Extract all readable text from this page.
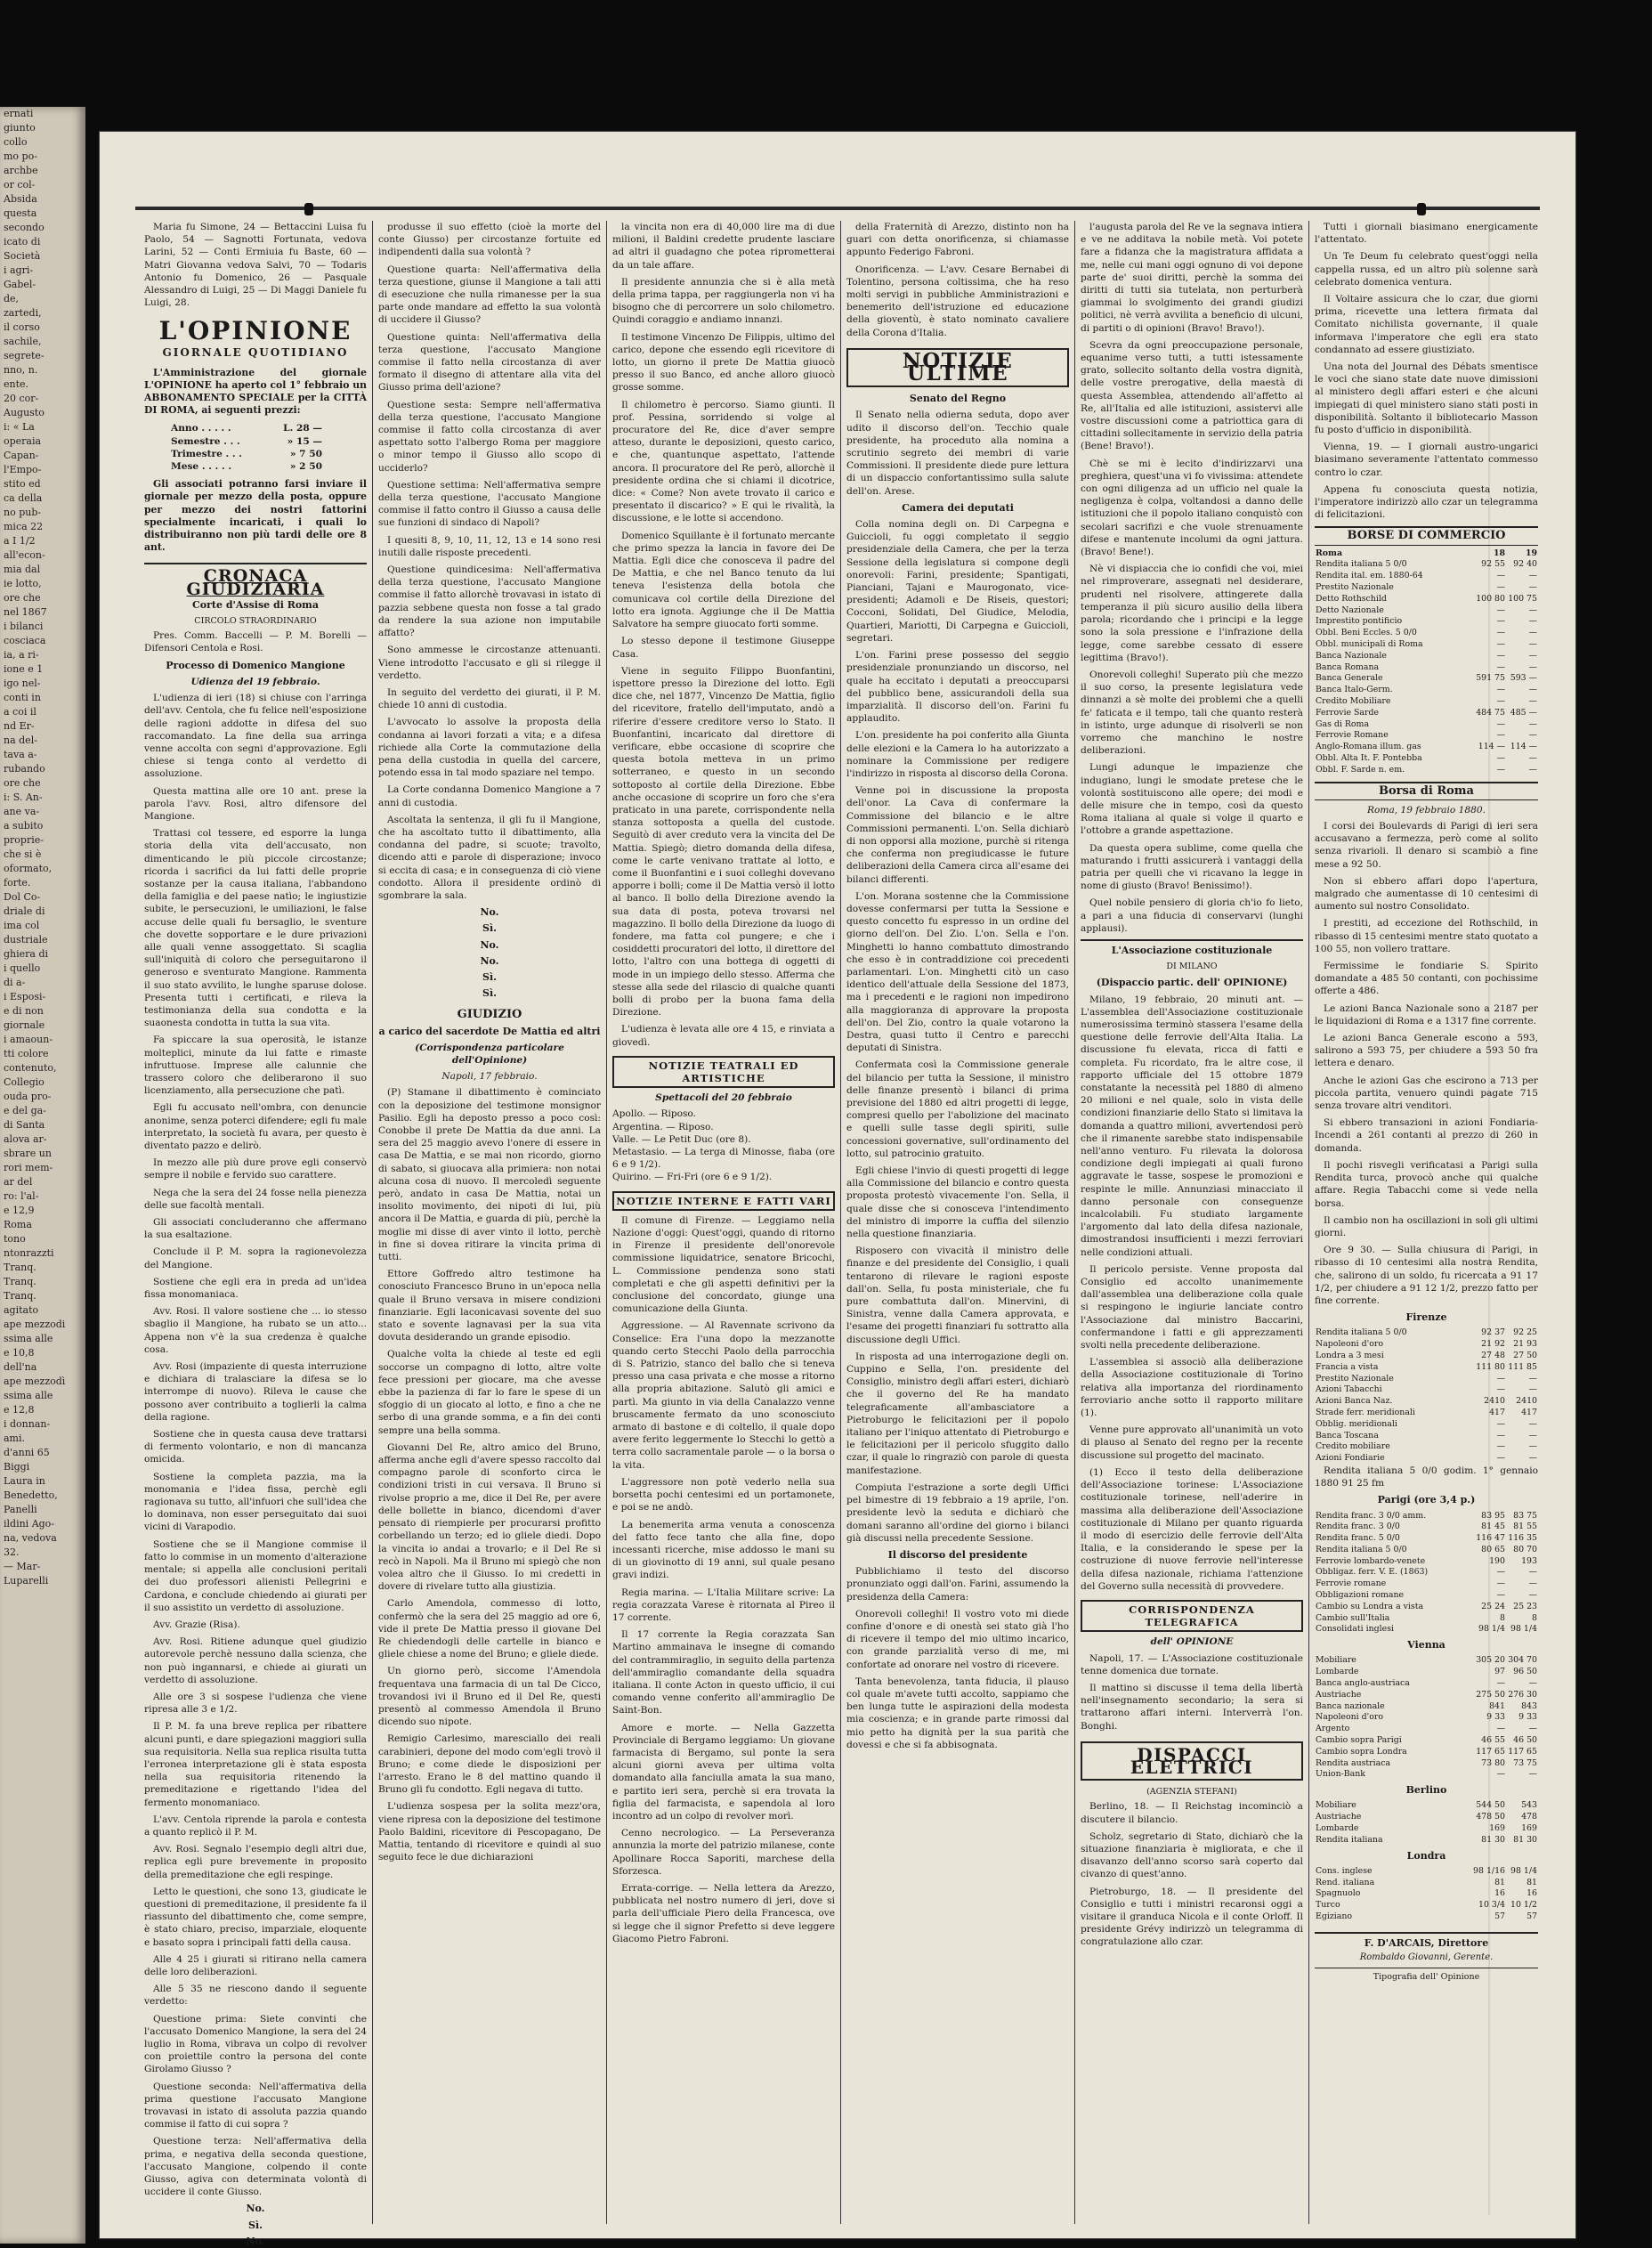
ernati
giunto
collo
mo po-
archbe
or col-
Absida
questa
secondo
icato di
Società
i agri-
Gabel-
de,
zartedi,
il corso
sachile,
segrete-
nno, n.
ente.
20 cor-
Augusto
i: « La
operaia
Capan-
l'Empo-
stito ed
ca della
no pub-
mica 22
a I 1/2
all'econ-
mia dal
ie lotto,
ore che
nel 1867
i bilanci
cosciaca
ia, a ri-
ione e 1
igo nel-
conti in
a coi il
nd Er-
na del-
tava a-
rubando
ore che
i: S. An-
ane va-
a subito
proprie-
che si è
oformato,
forte.
Dol Co-
driale di
ima col
dustriale
ghiera di
i quello
di a-
i Esposi-
e di non
giornale
i amaoun-
tti colore
contenuto,
Collegio
ouda pro-
e del ga-
di Santa
alova ar-
sbrare un
rori mem-
ar del
ro: l'al-
e 12,9
Roma
tono
ntonrazzti
Tranq.
Tranq.
Tranq.
agitato
ape mezzodi
ssima alle
e 10,8
dell'na
ape mezzodì
ssima alle
e 12,8
i donnan-
ami.
d'anni 65
Biggi
Laura in
Benedetto,
Panelli
ildini Ago-
na, vedova
32.
— Mar-
Luparelli

Maria fu Simone, 24 — Bettaccini Luisa fu Paolo, 54 — Sagnotti Fortunata, vedova Larini, 52 — Conti Ermiuia fu Baste, 60 — Matri Giovanna vedova Salvi, 70 — Todaris Antonio fu Domenico, 26 — Pasquale Alessandro di Luigi, 25 — Di Maggi Daniele fu Luigi, 28.

L'OPINIONE
GIORNALE QUOTIDIANO

L'Amministrazione del giornale L'OPINIONE ha aperto col 1° febbraio un ABBONAMENTO SPECIALE per la CITTÀ DI ROMA, ai seguenti prezzi:

Anno . . . . .	L. 28 —
Semestre . . .	» 15 —
Trimestre . . .	» 7 50
Mese . . . . .	» 2 50

Gli associati potranno farsi inviare il giornale per mezzo della posta, oppure per mezzo dei nostri fattorini specialmente incaricati, i quali lo distribuiranno non più tardi delle ore 8 ant.

CRONACA GIUDIZIARIA
Corte d'Assise di Roma
CIRCOLO STRAORDINARIO

Pres. Comm. Baccelli — P. M. Borelli — Difensori Centola e Rosi.

Processo di Domenico Mangione
Udienza del 19 febbraio.

L'udienza di ieri (18) si chiuse con l'arringa dell'avv. Centola, che fu felice nell'esposizione delle ragioni addotte in difesa del suo raccomandato. La fine della sua arringa venne accolta con segni d'approvazione. Egli chiese si tenga conto al verdetto di assoluzione.

Questa mattina alle ore 10 ant. prese la parola l'avv. Rosi, altro difensore del Mangione.

Trattasi col tessere, ed esporre la lunga storia della vita dell'accusato, non dimenticando le più piccole circostanze; ricorda i sacrifici da lui fatti delle proprie sostanze per la causa italiana, l'abbandono della famiglia e del paese natìo; le ingiustizie subite, le persecuzioni, le umiliazioni, le false accuse delle quali fu bersaglio, le sventure che dovette sopportare e le dure privazioni alle quali venne assoggettato. Si scaglia sull'iniquità di coloro che perseguitarono il generoso e sventurato Mangione. Rammenta il suo stato avvilito, le lunghe sparuse dolose. Presenta tutti i certificati, e rileva la testimonianza della sua condotta e la suaonesta condotta in tutta la sua vita.

Fa spiccare la sua operosità, le istanze molteplici, minute da lui fatte e rimaste infruttuose. Imprese alle calunnie che trassero coloro che deliberarono il suo licenziamento, alla persecuzione che patì.

Egli fu accusato nell'ombra, con denuncie anonime, senza poterci difendere; egli fu male interpretato, la società fu avara, per questo è diventato pazzo e delirò.

In mezzo alle più dure prove egli conservò sempre il nobile e fervido suo carattere.

Nega che la sera del 24 fosse nella pienezza delle sue facoltà mentali.

Gli associati concluderanno che affermano la sua esaltazione.

Conclude il P. M. sopra la ragionevolezza del Mangione.

Sostiene che egli era in preda ad un'idea fissa monomaniaca.

Avv. Rosi. Il valore sostiene che ... io stesso sbaglio il Mangione, ha rubato se un atto... Appena non v'è la sua credenza è qualche cosa.

Avv. Rosi (impaziente di questa interruzione e dichiara di tralasciare la difesa se lo interrompe di nuovo). Rileva le cause che possono aver contribuito a toglierli la calma della ragione.

Sostiene che in questa causa deve trattarsi di fermento volontario, e non di mancanza omicida.

Sostiene la completa pazzia, ma la monomania e l'idea fissa, perchè egli ragionava su tutto, all'infuori che sull'idea che lo dominava, non esser perseguitato dai suoi vicini di Varapodio.

Sostiene che se il Mangione commise il fatto lo commise in un momento d'alterazione mentale; si appella alle conclusioni peritali dei duo professori alienisti Pellegrini e Cardona, e conclude chiedendo ai giurati per il suo assistito un verdetto di assoluzione.

Avv. Grazie (Risa).

Avv. Rosi. Ritiene adunque quel giudizio autorevole perchè nessuno dalla scienza, che non può ingannarsi, e chiede ai giurati un verdetto di assoluzione.

Alle ore 3 si sospese l'udienza che viene ripresa alle 3 e 1/2.

Il P. M. fa una breve replica per ribattere alcuni punti, e dare spiegazioni maggiori sulla sua requisitoria. Nella sua replica risulta tutta l'erronea interpretazione gli è stata esposta nella sua requisitoria ritenendo la premeditazione e rigettando l'idea del fermento monomaniaco.

L'avv. Centola riprende la parola e contesta a quanto replicò il P. M.

Avv. Rosi. Segnalo l'esempio degli altri due, replica egli pure brevemente in proposito della premeditazione che egli respinge.

Letto le questioni, che sono 13, giudicate le questioni di premeditazione, il presidente fa il riassunto del dibattimento che, come sempre, è stato chiaro, preciso, imparziale, eloquente e basato sopra i principali fatti della causa.

Alle 4 25 i giurati si ritirano nella camera delle loro deliberazioni.

Alle 5 35 ne riescono dando il seguente verdetto:

Questione prima: Siete convinti che l'accusato Domenico Mangione, la sera del 24 luglio in Roma, vibrava un colpo di revolver con proiettile contro la persona del conte Girolamo Giusso ?

Questione seconda: Nell'affermativa della prima questione l'accusato Mangione trovavasi in istato di assoluta pazzia quando commise il fatto di cui sopra ?

Questione terza: Nell'affermativa della prima, e negativa della seconda questione, l'accusato Mangione, colpendo il conte Giusso, agiva con determinata volontà di uccidere il conte Giusso.

No.
Sì.
No.

produsse il suo effetto (cioè la morte del conte Giusso) per circostanze fortuite ed indipendenti dalla sua volontà ?

Questione quarta: Nell'affermativa della terza questione, giunse il Mangione a tali atti di esecuzione che nulla rimanesse per la sua parte onde mandare ad effetto la sua volontà di uccidere il Giusso?

Questione quinta: Nell'affermativa della terza questione, l'accusato Mangione commise il fatto nella circostanza di aver formato il disegno di attentare alla vita del Giusso prima dell'azione?

Questione sesta: Sempre nell'affermativa della terza questione, l'accusato Mangione commise il fatto colla circostanza di aver aspettato sotto l'albergo Roma per maggiore o minor tempo il Giusso allo scopo di ucciderlo?

Questione settima: Nell'affermativa sempre della terza questione, l'accusato Mangione commise il fatto contro il Giusso a causa delle sue funzioni di sindaco di Napoli?

I quesiti 8, 9, 10, 11, 12, 13 e 14 sono resi inutili dalle risposte precedenti.

Questione quindicesima: Nell'affermativa della terza questione, l'accusato Mangione commise il fatto allorchè trovavasi in istato di pazzia sebbene questa non fosse a tal grado da rendere la sua azione non imputabile affatto?

Sono ammesse le circostanze attenuanti. Viene introdotto l'accusato e gli si rilegge il verdetto.

In seguito del verdetto dei giurati, il P. M. chiede 10 anni di custodia.

L'avvocato lo assolve la proposta della condanna ai lavori forzati a vita; e a difesa richiede alla Corte la commutazione della pena della custodia in quella del carcere, potendo essa in tal modo spaziare nel tempo.

La Corte condanna Domenico Mangione a 7 anni di custodia.

Ascoltata la sentenza, il gli fu il Mangione, che ha ascoltato tutto il dibattimento, alla condanna del padre, si scuote; travolto, dicendo atti e parole di disperazione; invoco si eccita di casa; e in conseguenza di ciò viene condotto. Allora il presidente ordinò di sgombrare la sala.

No.
Sì.
No.
No.
Sì.
Sì.
GIUDIZIO
a carico del sacerdote De Mattia ed altri
(Corrispondenza particolare dell'Opinione)
Napoli, 17 febbraio.

(P) Stamane il dibattimento è cominciato con la deposizione del testimone monsignor Pasilio. Egli ha deposto presso a poco così: Conobbe il prete De Mattia da due anni. La sera del 25 maggio avevo l'onere di essere in casa De Mattia, e se mai non ricordo, giorno di sabato, si giuocava alla primiera: non notai alcuna cosa di nuovo. Il mercoledì seguente però, andato in casa De Mattia, notai un insolito movimento, dei nipoti di lui, più ancora il De Mattia, e guarda di più, perchè la moglie mi disse di aver vinto il lotto, perchè in fine si dovea ritirare la vincita prima di tutti.

Ettore Goffredo altro testimone ha conosciuto Francesco Bruno in un'epoca nella quale il Bruno versava in misere condizioni finanziarie. Egli laconicavasi sovente del suo stato e sovente lagnavasi per la sua vita dovuta desiderando un grande episodio.

Qualche volta la chiede al teste ed egli soccorse un compagno di lotto, altre volte fece pressioni per giocare, ma che avesse ebbe la pazienza di far lo fare le spese di un sfoggio di un giocato al lotto, e fino a che ne serbo di una grande somma, e a fin dei conti sempre una bella somma.

Giovanni Del Re, altro amico del Bruno, afferma anche egli d'avere spesso raccolto dal compagno parole di sconforto circa le condizioni tristi in cui versava. Il Bruno si rivolse proprio a me, dice il Del Re, per avere delle bollette in bianco, dicendomi d'aver pensato di riempierle per procurarsi profitto corbellando un terzo; ed io gliele diedi. Dopo la vincita io andai a trovarlo; e il Del Re si recò in Napoli. Ma il Bruno mi spiegò che non volea altro che il Giusso. Io mi credetti in dovere di rivelare tutto alla giustizia.

Carlo Amendola, commesso di lotto, confermò che la sera del 25 maggio ad ore 6, vide il prete De Mattia presso il giovane Del Re chiedendogli delle cartelle in bianco e gliele chiese a nome del Bruno; e gliele diede.

Un giorno però, siccome l'Amendola frequentava una farmacia di un tal De Cicco, trovandosi ivi il Bruno ed il Del Re, questi presentò al commesso Amendola il Bruno dicendo suo nipote.

Remigio Carlesimo, maresciallo dei reali carabinieri, depone del modo com'egli trovò il Bruno; e come diede le disposizioni per l'arresto. Erano le 8 del mattino quando il Bruno gli fu condotto. Egli negava di tutto.

L'udienza sospesa per la solita mezz'ora, viene ripresa con la deposizione del testimone Paolo Baldini, ricevitore di Pescopagano, De Mattia, tentando di ricevitore e quindi al suo seguito fece le due dichiarazioni

la vincita non era di 40,000 lire ma di due milioni, il Baldini credette prudente lasciare ad altri il guadagno che potea riprometterai da un tale affare.

Il presidente annunzia che si è alla metà della prima tappa, per raggiungerla non vi ha bisogno che di percorrere un solo chilometro. Quindi coraggio e andiamo innanzi.

Il testimone Vincenzo De Filippis, ultimo del carico, depone che essendo egli ricevitore di lotto, un giorno il prete De Mattia giuocò presso il suo Banco, ed anche alloro giuocò grosse somme.

Il chilometro è percorso. Siamo giunti. Il prof. Pessina, sorridendo si volge al procuratore del Re, dice d'aver sempre atteso, durante le deposizioni, questo carico, e che, quantunque aspettato, l'attende ancora. Il procuratore del Re però, allorchè il presidente ordina che si chiami il dicotrice, dice: « Come? Non avete trovato il carico e presentato il discarico? » E qui le rivalità, la discussione, e le lotte si accendono.

Domenico Squillante è il fortunato mercante che primo spezza la lancia in favore dei De Mattia. Egli dice che conosceva il padre del De Mattia, e che nel Banco tenuto da lui teneva l'esistenza della botola che comunicava col cortile della Direzione del lotto era ignota. Aggiunge che il De Mattia Salvatore ha sempre giuocato forti somme.

Lo stesso depone il testimone Giuseppe Casa.

Viene in seguito Filippo Buonfantini, ispettore presso la Direzione del lotto. Egli dice che, nel 1877, Vincenzo De Mattia, figlio del ricevitore, fratello dell'imputato, andò a riferire d'essere creditore verso lo Stato. Il Buonfantini, incaricato dal direttore di verificare, ebbe occasione di scoprire che questa botola metteva in un primo sotterraneo, e questo in un secondo sottoposto al cortile della Direzione. Ebbe anche occasione di scoprire un foro che s'era praticato in una parete, corrispondente nella stanza sottoposta a quella del custode. Seguitò di aver creduto vera la vincita del De Mattia. Spiegò; dietro domanda della difesa, come le carte venivano trattate al lotto, e come il Buonfantini e i suoi colleghi dovevano apporre i bolli; come il De Mattia versò il lotto al banco. Il bollo della Direzione avendo la sua data di posta, poteva trovarsi nel magazzino. Il bollo della Direzione da luogo di fondere, ma fatta col pungere; e che i cosiddetti procuratori del lotto, il direttore del lotto, l'altro con una bottega di oggetti di mode in un impiego dello stesso. Afferma che stesse alla sede del rilascio di qualche quanti bolli di probo per la buona fama della Direzione.

L'udienza è levata alle ore 4 15, e rinviata a giovedì.

NOTIZIE TEATRALI ED ARTISTICHE
Spettacoli del 20 febbraio
Apollo. — Riposo.
Argentina. — Riposo.
Valle. — Le Petit Duc (ore 8).
Metastasio. — La terga di Minosse, fiaba (ore 6 e 9 1/2).
Quirino. — Fri-Fri (ore 6 e 9 1/2).
NOTIZIE INTERNE E FATTI VARI

Il comune di Firenze. — Leggiamo nella Nazione d'oggi: Quest'oggi, quando di ritorno in Firenze il presidente dell'onorevole commissione liquidatrice, senatore Bricochi, L. Commissione pendenza sono stati completati e che gli aspetti definitivi per la conclusione del concordato, giunge una comunicazione della Giunta.

Aggressione. — Al Ravennate scrivono da Conselice: Era l'una dopo la mezzanotte quando certo Stecchi Paolo della parrocchia di S. Patrizio, stanco del ballo che si teneva presso una casa privata e che mosse a ritorno alla propria abitazione. Salutò gli amici e partì. Ma giunto in via della Canalazzo venne bruscamente fermato da uno sconosciuto armato di bastone e di coltello, il quale dopo avere ferito leggermente lo Stecchi lo gettò a terra collo sacramentale parole — o la borsa o la vita.

L'aggressore non potè vederlo nella sua borsetta pochi centesimi ed un portamonete, e poi se ne andò.

La benemerita arma venuta a conoscenza del fatto fece tanto che alla fine, dopo incessanti ricerche, mise addosso le mani su di un giovinotto di 19 anni, sul quale pesano gravi indizi.

Regia marina. — L'Italia Militare scrive: La regia corazzata Varese è ritornata al Pireo il 17 corrente.

Il 17 corrente la Regia corazzata San Martino ammainava le insegne di comando del contrammiraglio, in seguito della partenza dell'ammiraglio comandante della squadra italiana. Il conte Acton in questo ufficio, il cui comando venne conferito all'ammiraglio De Saint-Bon.

Amore e morte. — Nella Gazzetta Provinciale di Bergamo leggiamo: Un giovane farmacista di Bergamo, sul ponte la sera alcuni giorni aveva per ultima volta domandato alla fanciulla amata la sua mano, e partito ieri sera, perchè si era trovata la figlia del farmacista, e sapendola al loro incontro ad un colpo di revolver morì.

Cenno necrologico. — La Perseveranza annunzia la morte del patrizio milanese, conte Apollinare Rocca Saporiti, marchese della Sforzesca.

Errata-corrige. — Nella lettera da Arezzo, pubblicata nel nostro numero di jeri, dove si parla dell'ufficiale Piero della Francesca, ove si legge che il signor Prefetto si deve leggere Giacomo Pietro Fabroni.

della Fraternità di Arezzo, distinto non ha guari con detta onorificenza, si chiamasse appunto Federigo Fabroni.

Onorificenza. — L'avv. Cesare Bernabei di Tolentino, persona coltissima, che ha reso molti servigi in pubbliche Amministrazioni e benemerito dell'istruzione ed educazione della gioventù, è stato nominato cavaliere della Corona d'Italia.

NOTIZIE ULTIME
Senato del Regno

Il Senato nella odierna seduta, dopo aver udito il discorso dell'on. Tecchio quale presidente, ha proceduto alla nomina a scrutinio segreto dei membri di varie Commissioni. Il presidente diede pure lettura di un dispaccio confortantissimo sulla salute dell'on. Arese.

Camera dei deputati

Colla nomina degli on. Di Carpegna e Guiccioli, fu oggi completato il seggio presidenziale della Camera, che per la terza Sessione della legislatura si compone degli onorevoli: Farini, presidente; Spantigati, Pianciani, Tajani e Maurogonato, vice-presidenti; Adamoli e De Riseis, questori; Cocconi, Solidati, Del Giudice, Melodia, Quartieri, Mariotti, Di Carpegna e Guiccioli, segretari.

L'on. Farini prese possesso del seggio presidenziale pronunziando un discorso, nel quale ha eccitato i deputati a preoccuparsi del pubblico bene, assicurandoli della sua imparzialità. Il discorso dell'on. Farini fu applaudito.

L'on. presidente ha poi conferito alla Giunta delle elezioni e la Camera lo ha autorizzato a nominare la Commissione per redigere l'indirizzo in risposta al discorso della Corona.

Venne poi in discussione la proposta dell'onor. La Cava di confermare la Commissione del bilancio e le altre Commissioni permanenti. L'on. Sella dichiarò di non opporsi alla mozione, purchè si ritenga che conferma non pregiudicasse le future deliberazioni della Camera circa all'esame dei bilanci differenti.

L'on. Morana sostenne che la Commissione dovesse confermarsi per tutta la Sessione e questo concetto fu espresso in un ordine del giorno dell'on. Del Zio. L'on. Sella e l'on. Minghetti lo hanno combattuto dimostrando che esso è in contraddizione coi precedenti parlamentari. L'on. Minghetti citò un caso identico dell'attuale della Sessione del 1873, ma i precedenti e le ragioni non impedirono alla maggioranza di approvare la proposta dell'on. Del Zio, contro la quale votarono la Destra, quasi tutto il Centro e parecchi deputati di Sinistra.

Confermata così la Commissione generale del bilancio per tutta la Sessione, il ministro delle finanze presentò i bilanci di prima previsione del 1880 ed altri progetti di legge, compresi quello per l'abolizione del macinato e quelli sulle tasse degli spiriti, sulle concessioni governative, sull'ordinamento del lotto, sul patrocinio gratuito.

Egli chiese l'invio di questi progetti di legge alla Commissione del bilancio e contro questa proposta protestò vivacemente l'on. Sella, il quale disse che si conosceva l'intendimento del ministro di imporre la cuffia del silenzio nella questione finanziaria.

Risposero con vivacità il ministro delle finanze e del presidente del Consiglio, i quali tentarono di rilevare le ragioni esposte dall'on. Sella, fu posta ministeriale, che fu pure combattuta dall'on. Minervini, di Sinistra, venne dalla Camera approvata, e l'esame dei progetti finanziari fu sottratto alla discussione degli Uffici.

In risposta ad una interrogazione degli on. Cuppino e Sella, l'on. presidente del Consiglio, ministro degli affari esteri, dichiarò che il governo del Re ha mandato telegraficamente all'ambasciatore a Pietroburgo le felicitazioni per il popolo italiano per l'iniquo attentato di Pietroburgo e le felicitazioni per il pericolo sfuggito dallo czar, il quale lo ringraziò con parole di questa manifestazione.

Compiuta l'estrazione a sorte degli Uffici pel bimestre di 19 febbraio a 19 aprile, l'on. presidente levò la seduta e dichiarò che domani saranno all'ordine del giorno i bilanci già discussi nella precedente Sessione.

Il discorso del presidente

Pubblichiamo il testo del discorso pronunziato oggi dall'on. Farini, assumendo la presidenza della Camera:

Onorevoli colleghi! Il vostro voto mi diede confine d'onore e di onestà sei stato già l'ho di ricevere il tempo del mio ultimo incarico, con grande parzialità verso di me, mi confortate ad onorare nel vostro di ricevere.

Tanta benevolenza, tanta fiducia, il plauso col quale m'avete tutti accolto, sappiamo che ben lunga tutte le aspirazioni della modesta mia coscienza; e in grande parte rimossi dal mio petto ha dignità per la sua parità che dovessi e che si fa abbisognata.

l'augusta parola del Re ve la segnava intiera e ve ne additava la nobile metà. Voi potete fare a fidanza che la magistratura affidata a me, nelle cui mani oggi ognuno di voi depone parte de' suoi diritti, perchè la somma dei diritti di tutti sia tutelata, non perturberà giammai lo svolgimento dei grandi giudizi politici, nè verrà avvilita a beneficio di ulcuni, di partiti o di opinioni (Bravo! Bravo!).

Scevra da ogni preoccupazione personale, equanime verso tutti, a tutti istessamente grato, sollecito soltanto della vostra dignità, delle vostre prerogative, della maestà di questa Assemblea, attendendo all'affetto al Re, all'Italia ed alle istituzioni, assistervi alle vostre discussioni come a patriottica gara di cittadini sollecitamente in servizio della patria (Bene! Bravo!).

Chè se mi è lecito d'indirizzarvi una preghiera, quest'una vi fo vivissima: attendete con ogni diligenza ad un ufficio nel quale la negligenza è colpa, voltandosi a danno delle istituzioni che il popolo italiano conquistò con secolari sacrifizi e che vuole strenuamente difese e mantenute incolumi da ogni jattura. (Bravo! Bene!).

Nè vi dispiaccia che io confidi che voi, miei nel rimproverare, assegnati nel desiderare, prudenti nel risolvere, attingerete dalla temperanza il più sicuro ausilio della libera parola; ricordando che i principi e la legge sono la sola pressione e l'infrazione della legge, come sarebbe cessato di essere legittima (Bravo!).

Onorevoli colleghi! Superato più che mezzo il suo corso, la presente legislatura vede dinnanzi a sè molte dei problemi che a quelli fe' faticata e il tempo, tali che quanto resterà in istinto, urge adunque di risolverli se non vorremo che manchino le nostre deliberazioni.

Lungi adunque le impazienze che indugiano, lungi le smodate pretese che le volontà sostituiscono alle opere; dei modi e delle misure che in tempo, così da questo Roma italiana al quale si volge il quarto e l'ottobre a grande aspettazione.

Da questa opera sublime, come quella che maturando i frutti assicurerà i vantaggi della patria per quelli che vi ricavano la legge in nome di giusto (Bravo! Benissimo!).

Quel nobile pensiero di gloria ch'io fo lieto, a pari a una fiducia di conservarvi (lunghi applausi).

L'Associazione costituzionale
DI MILANO
(Dispaccio partic. dell' OPINIONE)

Milano, 19 febbraio, 20 minuti ant. — L'assemblea dell'Associazione costituzionale numerosissima terminò stassera l'esame della questione delle ferrovie dell'Alta Italia. La discussione fu elevata, ricca di fatti e completa. Fu ricordato, fra le altre cose, il rapporto ufficiale del 15 ottobre 1879 constatante la necessità pel 1880 di almeno 20 milioni e nel quale, solo in vista delle condizioni finanziarie dello Stato si limitava la domanda a quattro milioni, avvertendosi però che il rimanente sarebbe stato indispensabile nell'anno venturo. Fu rilevata la dolorosa condizione degli impiegati ai quali furono aggravate le tasse, sospese le promozioni e respinte le mille. Annunziasi minacciato il danno personale con conseguenze incalcolabili. Fu studiato largamente l'argomento dal lato della difesa nazionale, dimostrandosi insufficienti i mezzi ferroviari nelle condizioni attuali.

Il pericolo persiste. Venne proposta dal Consiglio ed accolto unanimemente dall'assemblea una deliberazione colla quale si respingono le ingiurie lanciate contro l'Associazione dal ministro Baccarini, confermandone i fatti e gli apprezzamenti svolti nella precedente deliberazione.

L'assemblea si associò alla deliberazione della Associazione costituzionale di Torino relativa alla importanza del riordinamento ferroviario anche sotto il rapporto militare (1).

Venne pure approvato all'unanimità un voto di plauso al Senato del regno per la recente discussione sul progetto del macinato.

(1) Ecco il testo della deliberazione dell'Associazione torinese: L'Associazione costituzionale torinese, nell'aderire in massima alla deliberazione dell'Associazione costituzionale di Milano per quanto riguarda il modo di esercizio delle ferrovie dell'Alta Italia, e la considerando le spese per la costruzione di nuove ferrovie nell'interesse della difesa nazionale, richiama l'attenzione del Governo sulla necessità di provvedere.

CORRISPONDENZA TELEGRAFICA
dell' OPINIONE

Napoli, 17. — L'Associazione costituzionale tenne domenica due tornate.

Il mattino si discusse il tema della libertà nell'insegnamento secondario; la sera si trattarono affari interni. Interverrà l'on. Bonghi.

DISPACCI ELETTRICI
(AGENZIA STEFANI)

Berlino, 18. — Il Reichstag incominciò a discutere il bilancio.

Scholz, segretario di Stato, dichiarò che la situazione finanziaria è migliorata, e che il disavanzo dell'anno scorso sarà coperto dal civanzo di quest'anno.

Pietroburgo, 18. — Il presidente del Consiglio e tutti i ministri recaronsi oggi a visitare il granduca Nicola e il conte Orloff. Il presidente Grévy indirizzò un telegramma di congratulazione allo czar.

Tutti i giornali biasimano energicamente l'attentato.

Un Te Deum fu celebrato quest'oggi nella cappella russa, ed un altro più solenne sarà celebrato domenica ventura.

Il Voltaire assicura che lo czar, due giorni prima, ricevette una lettera firmata dal Comitato nichilista governante, il quale informava l'imperatore che egli era stato condannato ad essere giustiziato.

Una nota del Journal des Débats smentisce le voci che siano state date nuove dimissioni al ministero degli affari esteri e che alcuni impiegati di quel ministero siano stati posti in disponibilità. Soltanto il bibliotecario Masson fu posto d'ufficio in disponibilità.

Vienna, 19. — I giornali austro-ungarici biasimano severamente l'attentato commesso contro lo czar.

Appena fu conosciuta questa notizia, l'imperatore indirizzò allo czar un telegramma di felicitazioni.

BORSE DI COMMERCIO
Roma	18	19
Rendita italiana 5 0/0	92 55	92 40
Rendita ital. em. 1880-64	—	—
Prestito Nazionale	—	—
Detto Rothschild	100 80	100 75
Detto Nazionale	—	—
Imprestito pontificio	—	—
Obbl. Beni Eccles. 5 0/0	—	—
Obbl. municipali di Roma	—	—
Banca Nazionale	—	—
Banca Romana	—	—
Banca Generale	591 75	593 —
Banca Italo-Germ.	—	—
Credito Mobiliare	—	—
Ferrovie Sarde	484 75	485 —
Gas di Roma	—	—
Ferrovie Romane	—	—
Anglo-Romana illum. gas	114 —	114 —
Obbl. Alta It. F. Pontebba	—	—
Obbl. F. Sarde n. em.	—	—
Borsa di Roma
Roma, 19 febbraio 1880.

I corsi dei Boulevards di Parigi di ieri sera accusavano a fermezza, però come al solito senza rivarioli. Il denaro si scambiò a fine mese a 92 50.

Non si ebbero affari dopo l'apertura, malgrado che aumentasse di 10 centesimi di aumento sul nostro Consolidato.

I prestiti, ad eccezione del Rothschild, in ribasso di 15 centesimi mentre stato quotato a 100 55, non vollero trattare.

Fermissime le fondiarie S. Spirito domandate a 485 50 contanti, con pochissime offerte a 486.

Le azioni Banca Nazionale sono a 2187 per le liquidazioni di Roma e a 1317 fine corrente.

Le azioni Banca Generale escono a 593, salirono a 593 75, per chiudere a 593 50 fra lettera e denaro.

Anche le azioni Gas che escirono a 713 per piccola partita, venuero quindi pagate 715 senza trovare altri venditori.

Si ebbero transazioni in azioni Fondiaria-Incendi a 261 contanti al prezzo di 260 in domanda.

Il pochi risvegli verificatasi a Parigi sulla Rendita turca, provocò anche qui qualche affare. Regia Tabacchi come si vede nella borsa.

Il cambio non ha oscillazioni in soli gli ultimi giorni.

Ore 9 30. — Sulla chiusura di Parigi, in ribasso di 10 centesimi alla nostra Rendita, che, salirono di un soldo, fu ricercata a 91 17 1/2, per chiudere a 91 12 1/2, prezzo fatto per fine corrente.

Firenze
Rendita italiana 5 0/0	92 37	92 25
Napoleoni d'oro	21 92	21 93
Londra a 3 mesi	27 48	27 50
Francia a vista	111 80	111 85
Prestito Nazionale	—	—
Azioni Tabacchi	—	—
Azioni Banca Naz.	2410	2410
Strade ferr. meridionali	417	417
Obblig. meridionali	—	—
Banca Toscana	—	—
Credito mobiliare	—	—
Azioni Fondiarie	—	—

Rendita italiana 5 0/0 godim. 1° gennaio 1880 91 25 fm

Parigi (ore 3,4 p.)
Rendita franc. 3 0/0 amm.	83 95	83 75
Rendita franc. 3 0/0	81 45	81 55
Rendita franc. 5 0/0	116 47	116 35
Rendita italiana 5 0/0	80 65	80 70
Ferrovie lombardo-venete	190	193
Obbligaz. ferr. V. E. (1863)	—	—
Ferrovie romane	—	—
Obbligazioni romane	—	—
Cambio su Londra a vista	25 24	25 23
Cambio sull'Italia	8	8
Consolidati inglesi	98 1/4	98 1/4
Vienna
Mobiliare	305 20	304 70
Lombarde	97	96 50
Banca anglo-austriaca	—	—
Austriache	275 50	276 30
Banca nazionale	841	843
Napoleoni d'oro	9 33	9 33
Argento	—	—
Cambio sopra Parigi	46 55	46 50
Cambio sopra Londra	117 65	117 65
Rendita austriaca	73 80	73 75
Union-Bank	—	—
Berlino
Mobiliare	544 50	543
Austriache	478 50	478
Lombarde	169	169
Rendita italiana	81 30	81 30
Londra
Cons. inglese	98 1/16	98 1/4
Rend. italiana	81	81
Spagnuolo	16	16
Turco	10 3/4	10 1/2
Egiziano	57	57
F. D'ARCAIS, Direttore
Rombaldo Giovanni, Gerente.
Tipografia dell' Opinione
